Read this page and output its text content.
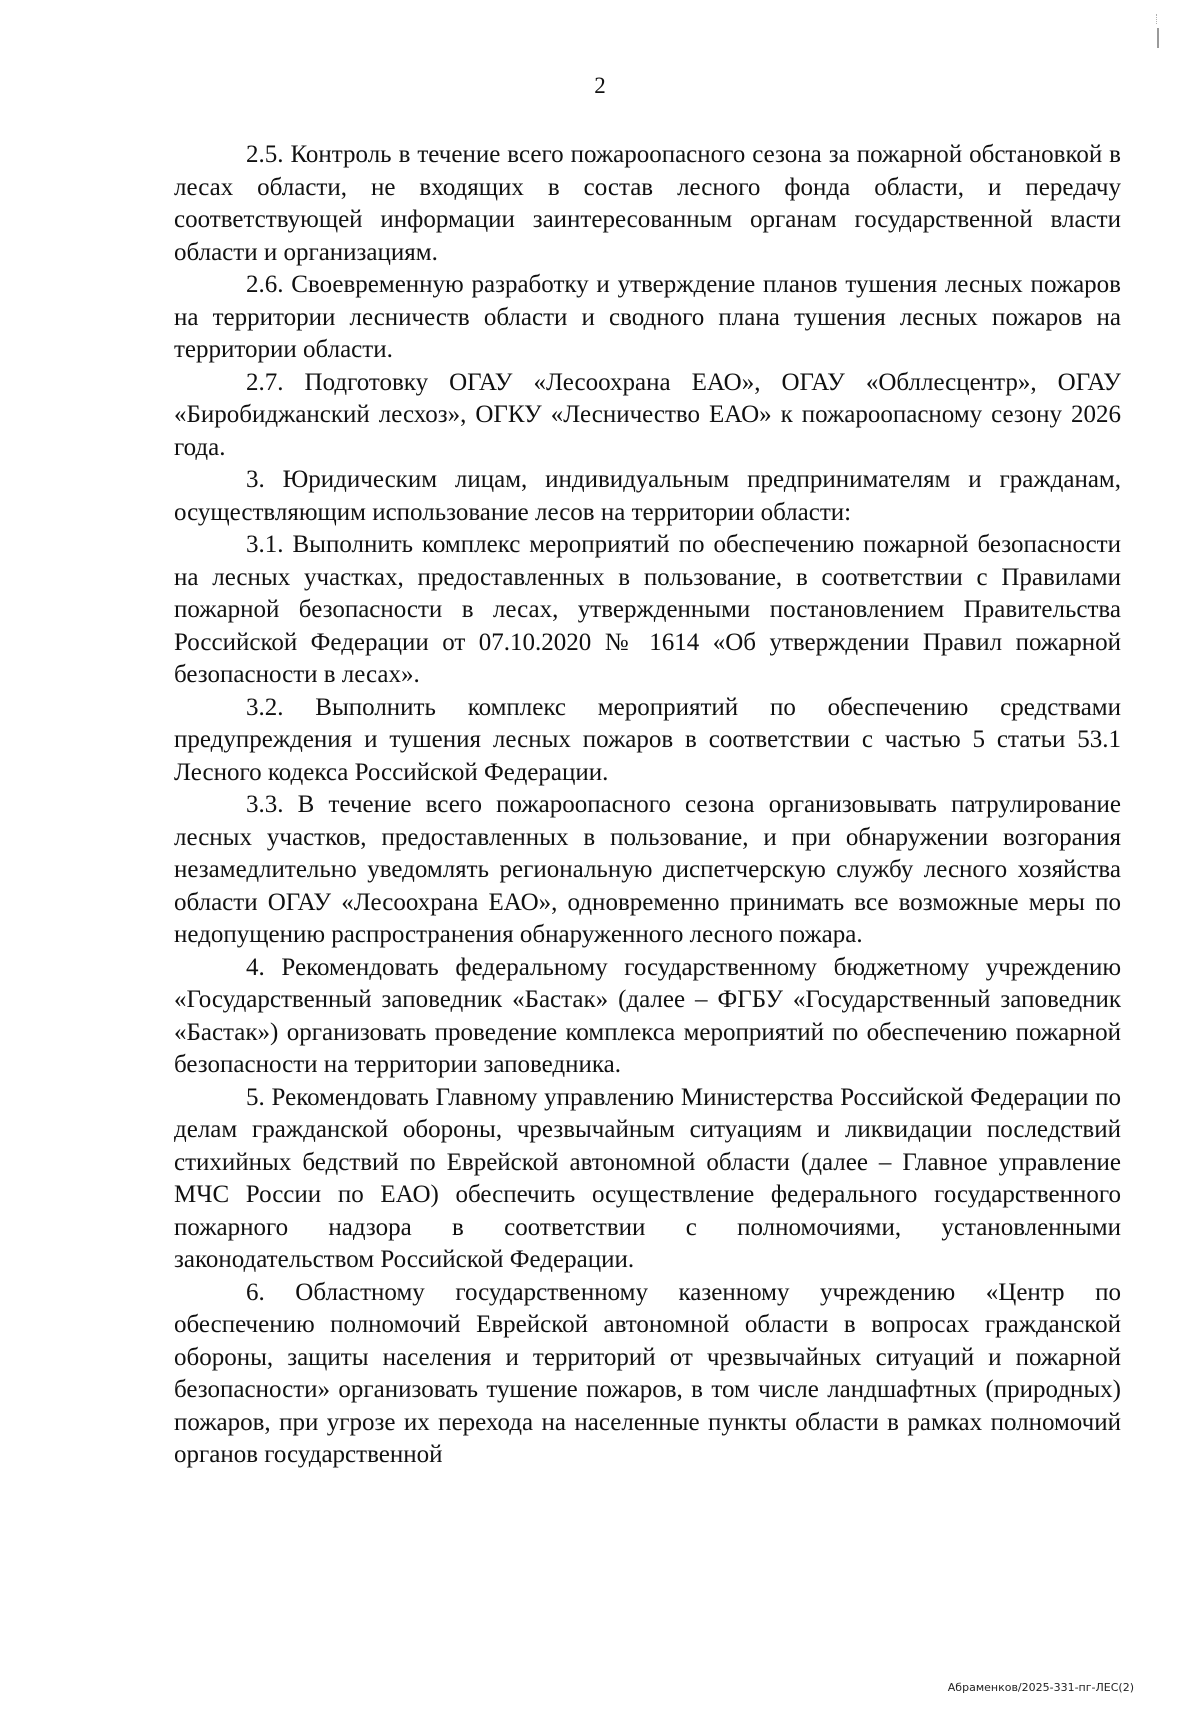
2

2.5. Контроль в течение всего пожароопасного сезона за пожарной обстановкой в лесах области, не входящих в состав лесного фонда области, и передачу соответствующей информации заинтересованным органам государственной власти области и организациям.

2.6. Своевременную разработку и утверждение планов тушения лесных пожаров на территории лесничеств области и сводного плана тушения лесных пожаров на территории области.

2.7. Подготовку ОГАУ «Лесоохрана ЕАО», ОГАУ «Обллесцентр», ОГАУ «Биробиджанский лесхоз», ОГКУ «Лесничество ЕАО» к пожароопасному сезону 2026 года.

3. Юридическим лицам, индивидуальным предпринимателям и гражданам, осуществляющим использование лесов на территории области:

3.1. Выполнить комплекс мероприятий по обеспечению пожарной безопасности на лесных участках, предоставленных в пользование, в соответствии с Правилами пожарной безопасности в лесах, утвержденными постановлением Правительства Российской Федерации от 07.10.2020 № 1614 «Об утверждении Правил пожарной безопасности в лесах».

3.2. Выполнить комплекс мероприятий по обеспечению средствами предупреждения и тушения лесных пожаров в соответствии с частью 5 статьи 53.1 Лесного кодекса Российской Федерации.

3.3. В течение всего пожароопасного сезона организовывать патрулирование лесных участков, предоставленных в пользование, и при обнаружении возгорания незамедлительно уведомлять региональную диспетчерскую службу лесного хозяйства области ОГАУ «Лесоохрана ЕАО», одновременно принимать все возможные меры по недопущению распространения обнаруженного лесного пожара.

4. Рекомендовать федеральному государственному бюджетному учреждению «Государственный заповедник «Бастак» (далее – ФГБУ «Государственный заповедник «Бастак») организовать проведение комплекса мероприятий по обеспечению пожарной безопасности на территории заповедника.

5. Рекомендовать Главному управлению Министерства Российской Федерации по делам гражданской обороны, чрезвычайным ситуациям и ликвидации последствий стихийных бедствий по Еврейской автономной области (далее – Главное управление МЧС России по ЕАО) обеспечить осуществление федерального государственного пожарного надзора в соответствии с полномочиями, установленными законодательством Российской Федерации.

6. Областному государственному казенному учреждению «Центр по обеспечению полномочий Еврейской автономной области в вопросах гражданской обороны, защиты населения и территорий от чрезвычайных ситуаций и пожарной безопасности» организовать тушение пожаров, в том числе ландшафтных (природных) пожаров, при угрозе их перехода на населенные пункты области в рамках полномочий органов государственной

Абраменков/2025-331-пг-ЛЕС(2)
